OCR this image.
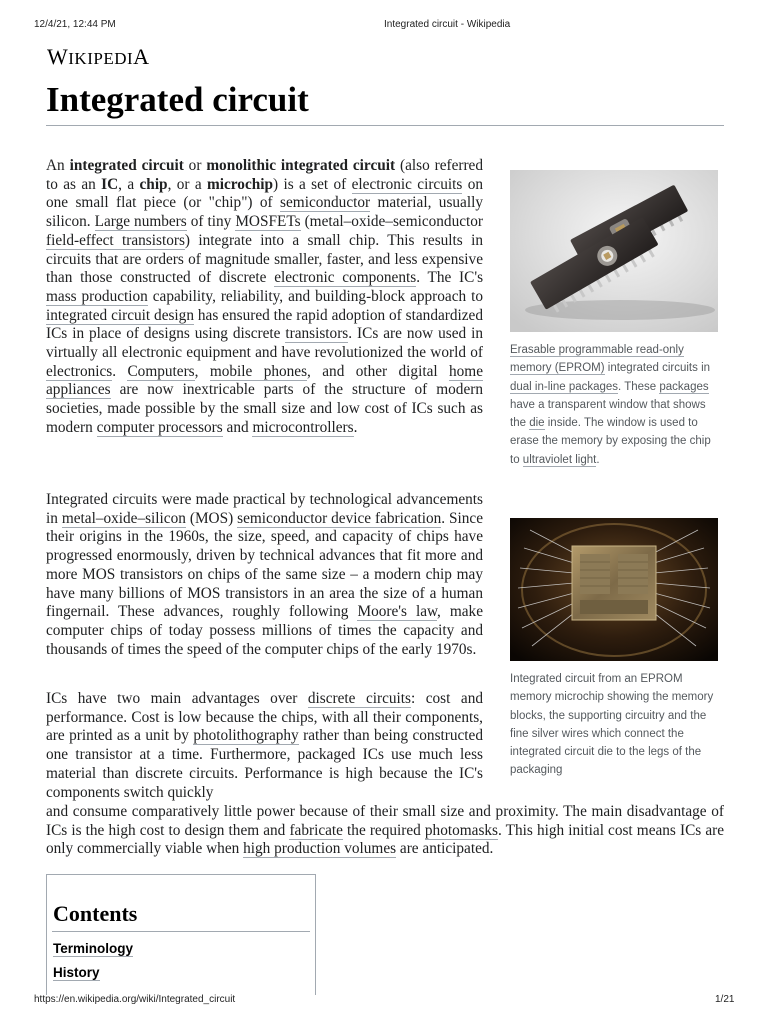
12/4/21, 12:44 PM	Integrated circuit - Wikipedia
https://en.wikipedia.org/wiki/Integrated_circuit	1/21
WIKIPEDIA
Integrated circuit

An integrated circuit or monolithic integrated circuit (also referred to as an IC, a chip, or a microchip) is a set of electronic circuits on one small flat piece (or "chip") of semiconductor material, usually silicon. Large numbers of tiny MOSFETs (metal–oxide–semiconductor field-effect transistors) integrate into a small chip. This results in circuits that are orders of magnitude smaller, faster, and less expensive than those constructed of discrete electronic components. The IC's mass production capability, reliability, and building-block approach to integrated circuit design has ensured the rapid adoption of standardized ICs in place of designs using discrete transistors. ICs are now used in virtually all electronic equipment and have revolutionized the world of electronics. Computers, mobile phones, and other digital home appliances are now inextricable parts of the structure of modern societies, made possible by the small size and low cost of ICs such as modern computer processors and microcontrollers.

Integrated circuits were made practical by technological advancements in metal–oxide–silicon (MOS) semiconductor device fabrication. Since their origins in the 1960s, the size, speed, and capacity of chips have progressed enormously, driven by technical advances that fit more and more MOS transistors on chips of the same size – a modern chip may have many billions of MOS transistors in an area the size of a human fingernail. These advances, roughly following Moore's law, make computer chips of today possess millions of times the capacity and thousands of times the speed of the computer chips of the early 1970s.

ICs have two main advantages over discrete circuits: cost and performance. Cost is low because the chips, with all their components, are printed as a unit by photolithography rather than being constructed one transistor at a time. Furthermore, packaged ICs use much less material than discrete circuits. Performance is high because the IC's components switch quickly

and consume comparatively little power because of their small size and proximity. The main disadvantage of ICs is the high cost to design them and fabricate the required photomasks. This high initial cost means ICs are only commercially viable when high production volumes are anticipated.

Erasable programmable read-only memory (EPROM) integrated circuits in dual in-line packages. These packages have a transparent window that shows the die inside. The window is used to erase the memory by exposing the chip to ultraviolet light.
Integrated circuit from an EPROM memory microchip showing the memory blocks, the supporting circuitry and the fine silver wires which connect the integrated circuit die to the legs of the packaging
Contents
Terminology
History
